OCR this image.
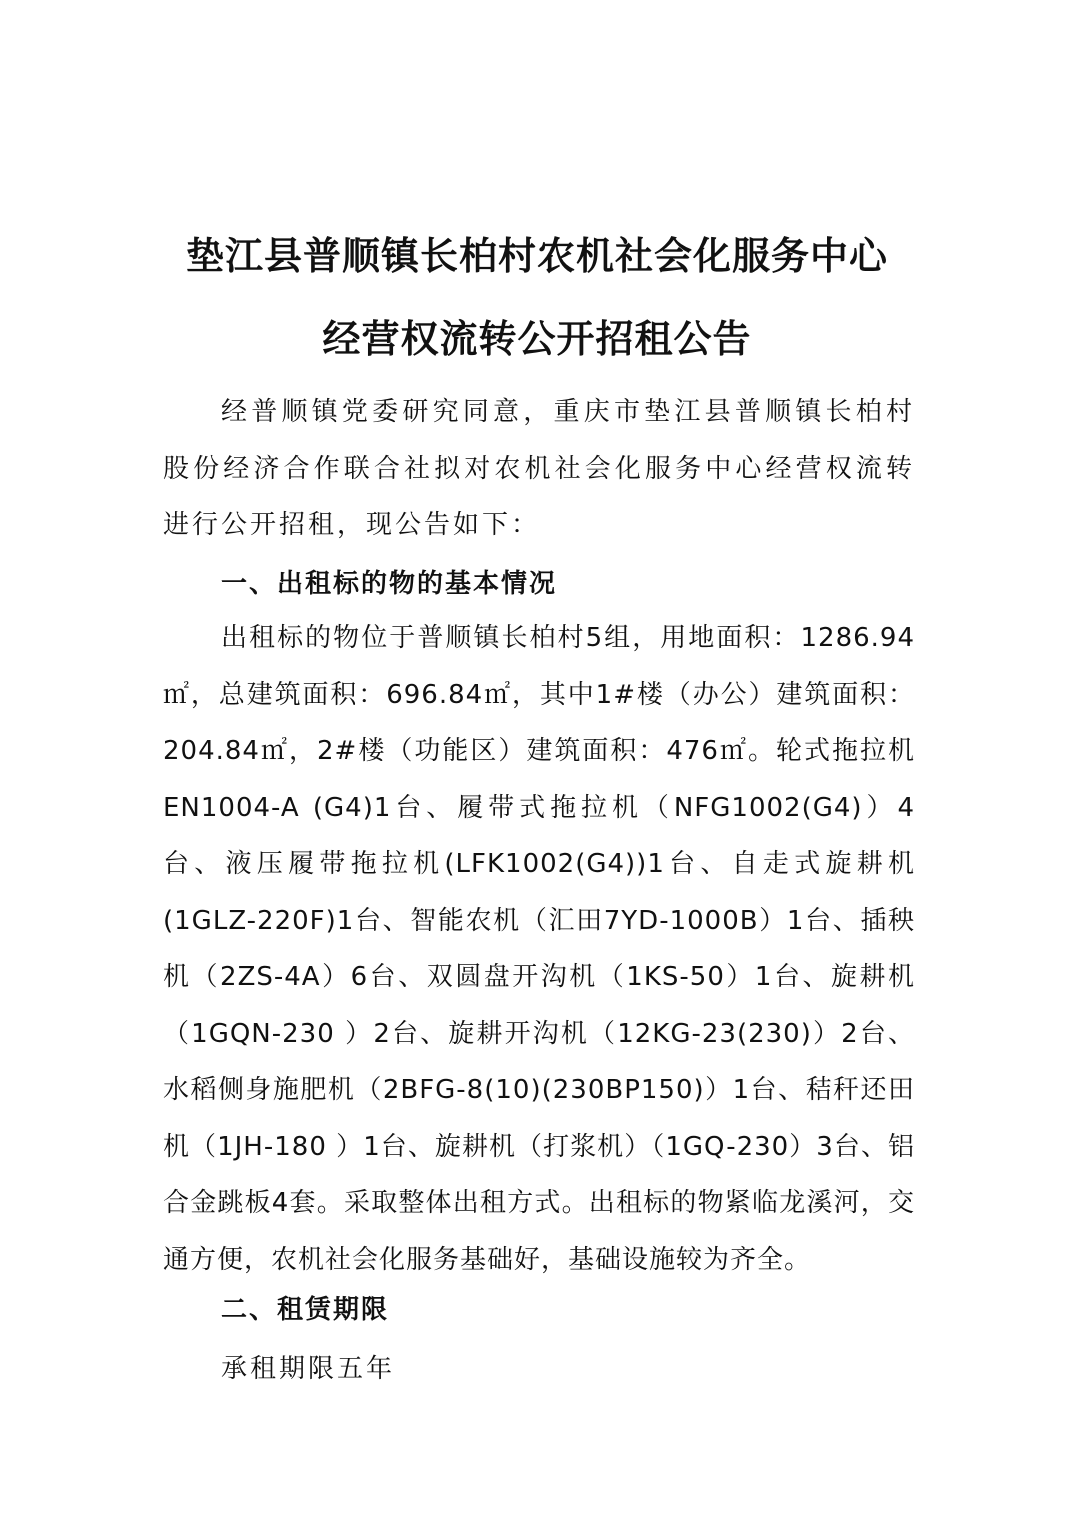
垫江县普顺镇长柏村农机社会化服务中心
经营权流转公开招租公告

经普顺镇党委研究同意，重庆市垫江县普顺镇长柏村股份经济合作联合社拟对农机社会化服务中心经营权流转进行公开招租，现公告如下：

一、出租标的物的基本情况

出租标的物位于普顺镇长柏村5组，用地面积：1286.94㎡，总建筑面积：696.84㎡，其中1#楼（办公）建筑面积：204.84㎡，2#楼（功能区）建筑面积：476㎡。轮式拖拉机EN1004-A (G4)1台、履带式拖拉机（NFG1002(G4)）4台、液压履带拖拉机(LFK1002(G4))1台、自走式旋耕机(1GLZ-220F)1台、智能农机（汇田7YD-1000B）1台、插秧机（2ZS-4A）6台、双圆盘开沟机（1KS-50）1台、旋耕机（1GQN-230 ）2台、旋耕开沟机（12KG-23(230)）2台、水稻侧身施肥机（2BFG-8(10)(230BP150)）1台、秸秆还田机（1JH-180 ）1台、旋耕机（打浆机）（1GQ-230）3台、铝合金跳板4套。采取整体出租方式。出租标的物紧临龙溪河，交通方便，农机社会化服务基础好，基础设施较为齐全。

二、租赁期限

承租期限五年
